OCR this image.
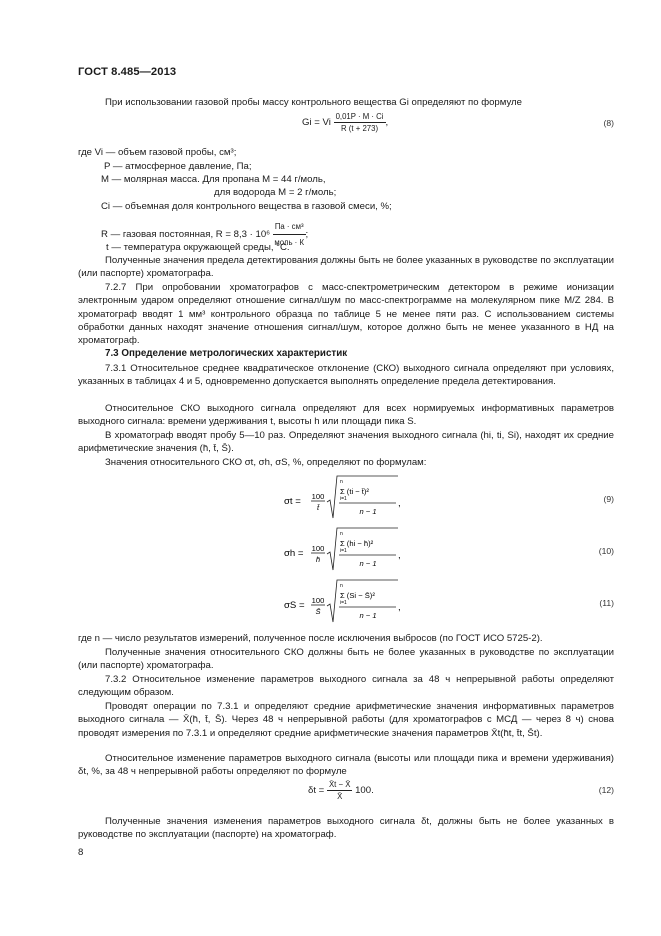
ГОСТ 8.485—2013
При использовании газовой пробы массу контрольного вещества Gi определяют по формуле
Gi = Vi $\frac{0,01P \cdot M \cdot Ci}{R (t + 273)}$ ,	(8)
где Vi — объем газовой пробы, см³;
P — атмосферное давление, Па;
M — молярная масса. Для пропана M = 44 г/моль,
для водорода M = 2 г/моль;
Ci — объемная доля контрольного вещества в газовой смеси, %;
R — газовая постоянная, $R = 8,3 \cdot 10^6 \frac{\text{Па · см³}}{\text{моль · К}}$ ;
t — температура окружающей среды, °С.
Полученные значения предела детектирования должны быть не более указанных в руководстве по эксплуатации (или паспорте) хроматографа.
7.2.7 При опробовании хроматографов с масс-спектрометрическим детектором в режиме ионизации электронным ударом определяют отношение сигнал/шум по масс-спектрограмме на молекулярном пике M/Z 284. В хроматограф вводят 1 мм³ контрольного образца по таблице 5 не менее пяти раз. С использованием системы обработки данных находят значение отношения сигнал/шум, которое должно быть не менее указанного в НД на хроматограф.
7.3 Определение метрологических характеристик
7.3.1 Относительное среднее квадратическое отклонение (СКО) выходного сигнала определяют при условиях, указанных в таблицах 4 и 5, одновременно допускается выполнять определение предела детектирования.
Относительное СКО выходного сигнала определяют для всех нормируемых информативных параметров выходного сигнала: времени удерживания t, высоты h или площади пика S.
В хроматограф вводят пробу 5—10 раз. Определяют значения выходного сигнала (hi, ti, Si), находят их средние арифметические значения (h̄, t̄, S̄).
Значения относительного СКО σt, σh, σS, %, определяют по формулам:
σt = 100
t̄
n
Σ (ti − t̄)²
i=1
n − 1
,	(9)
σh = 100
h̄
n
Σ (hi − h̄)²
i=1
n − 1
,	(10)
σS = 100
S̄
n
Σ (Si − S̄)²
i=1
n − 1
,	(11)
где n — число результатов измерений, полученное после исключения выбросов (по ГОСТ ИСО 5725-2).
Полученные значения относительного СКО должны быть не более указанных в руководстве по эксплуатации (или паспорте) хроматографа.
7.3.2 Относительное изменение параметров выходного сигнала за 48 ч непрерывной работы определяют следующим образом.
Проводят операции по 7.3.1 и определяют средние арифметические значения информативных параметров выходного сигнала — X̄(h̄, t̄, S̄). Через 48 ч непрерывной работы (для хроматографов с МСД — через 8 ч) снова проводят измерения по 7.3.1 и определяют средние арифметические значения параметров X̄t(h̄t, t̄t, S̄t).
Относительное изменение параметров выходного сигнала (высоты или площади пика и времени удерживания) δt, %, за 48 ч непрерывной работы определяют по формуле
$\delta t = \frac{X̄t - X̄}{X̄} 100$.	(12)
Полученные значения изменения параметров выходного сигнала δt, должны быть не более указанных в руководстве по эксплуатации (паспорте) на хроматограф.
8
